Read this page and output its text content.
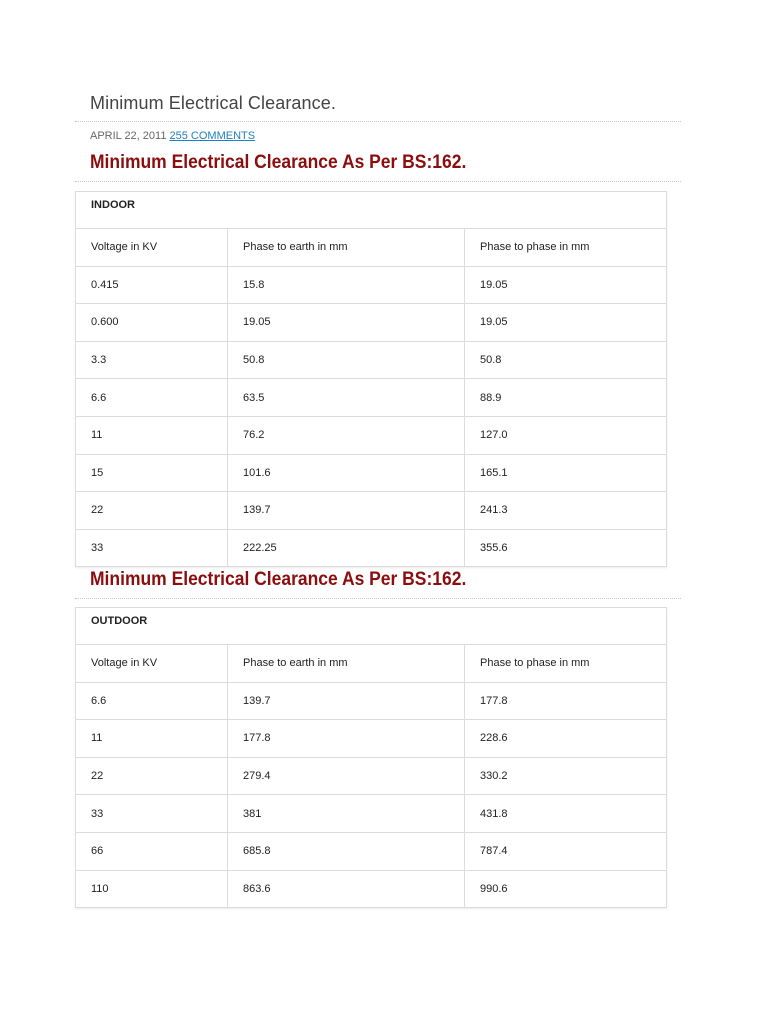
Minimum Electrical Clearance.
APRIL 22, 2011 255 COMMENTS
Minimum Electrical Clearance As Per BS:162.
INDOOR		
Voltage in KV	Phase to earth in mm	Phase to phase in mm
0.415	15.8	19.05
0.600	19.05	19.05
3.3	50.8	50.8
6.6	63.5	88.9
11	76.2	127.0
15	101.6	165.1
22	139.7	241.3
33	222.25	355.6
Minimum Electrical Clearance As Per BS:162.
OUTDOOR		
Voltage in KV	Phase to earth in mm	Phase to phase in mm
6.6	139.7	177.8
11	177.8	228.6
22	279.4	330.2
33	381	431.8
66	685.8	787.4
110	863.6	990.6
